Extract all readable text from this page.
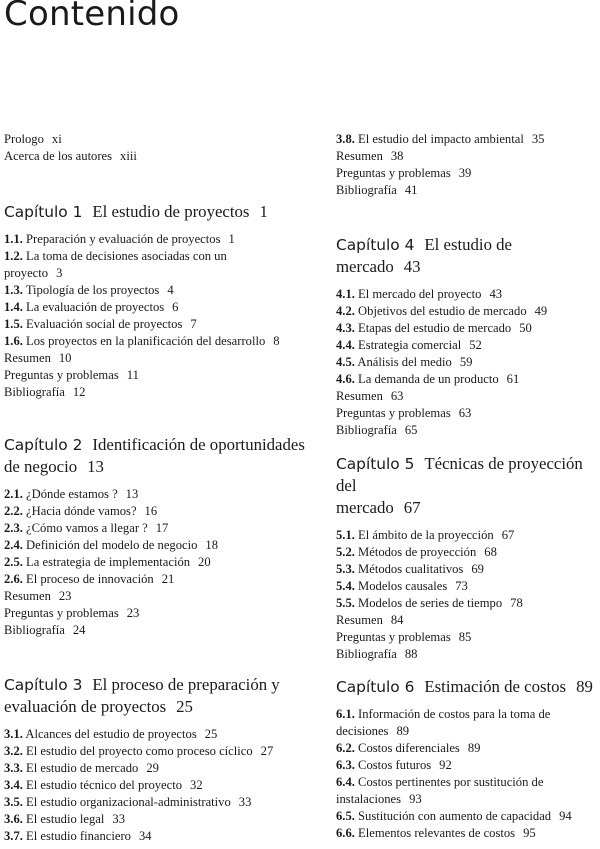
Contenido
Prologo xi
Acerca de los autores xiii
Capítulo 1 El estudio de proyectos 1
1.1. Preparación y evaluación de proyectos 1
1.2. La toma de decisiones asociadas con un
proyecto 3
1.3. Tipología de los proyectos 4
1.4. La evaluación de proyectos 6
1.5. Evaluación social de proyectos 7
1.6. Los proyectos en la planificación del desarrollo 8
Resumen 10
Preguntas y problemas 11
Bibliografía 12
Capítulo 2 Identificación de oportunidades
de negocio 13
2.1. ¿Dónde estamos ? 13
2.2. ¿Hacia dónde vamos? 16
2.3. ¿Cómo vamos a llegar ? 17
2.4. Definición del modelo de negocio 18
2.5. La estrategia de implementación 20
2.6. El proceso de innovación 21
Resumen 23
Preguntas y problemas 23
Bibliografía 24
Capítulo 3 El proceso de preparación y
evaluación de proyectos 25
3.1. Alcances del estudio de proyectos 25
3.2. El estudio del proyecto como proceso cíclico 27
3.3. El estudio de mercado 29
3.4. El estudio técnico del proyecto 32
3.5. El estudio organizacional-administrativo 33
3.6. El estudio legal 33
3.7. El estudio financiero 34
3.8. El estudio del impacto ambiental 35
Resumen 38
Preguntas y problemas 39
Bibliografía 41
Capítulo 4 El estudio de mercado 43
4.1. El mercado del proyecto 43
4.2. Objetivos del estudio de mercado 49
4.3. Etapas del estudio de mercado 50
4.4. Estrategia comercial 52
4.5. Análisis del medio 59
4.6. La demanda de un producto 61
Resumen 63
Preguntas y problemas 63
Bibliografía 65
Capítulo 5 Técnicas de proyección del
mercado 67
5.1. El ámbito de la proyección 67
5.2. Métodos de proyección 68
5.3. Métodos cualitativos 69
5.4. Modelos causales 73
5.5. Modelos de series de tiempo 78
Resumen 84
Preguntas y problemas 85
Bibliografía 88
Capítulo 6 Estimación de costos 89
6.1. Información de costos para la toma de
decisiones 89
6.2. Costos diferenciales 89
6.3. Costos futuros 92
6.4. Costos pertinentes por sustitución de
instalaciones 93
6.5. Sustitución con aumento de capacidad 94
6.6. Elementos relevantes de costos 95
